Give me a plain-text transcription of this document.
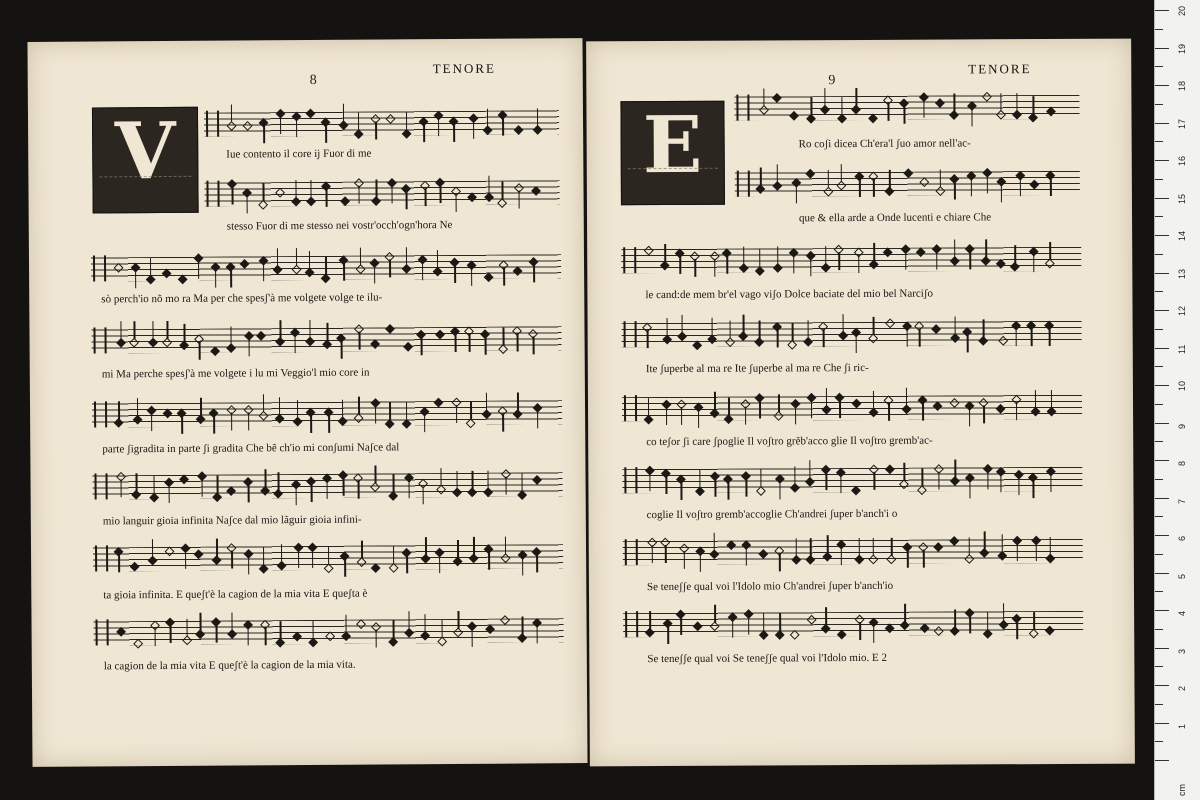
8
TENORE
V	Iue contento il core ij Fuor di me
stesso Fuor di me stesso nei vostr'occh'ogn'hora Ne
sò perch'io nõ mo ra Ma per che spesʃ'à me volgete volge te ilu-
mi Ma perche spesʃ'à me volgete i lu mi Veggio'l mio core in
parte ʃigradita in parte ʃi gradita Che bẽ ch'io mi conʃumi Naʃce dal
mio languir gioia infinita Naʃce dal mio lãguir gioia infini-
ta gioia infinita. E queʃt'è la cagion de la mia vita E queʃta è
la cagion de la mia vita E queʃt'è la cagion de la mia vita.
9
TENORE
E	Ro coʃi dicea Ch'era'l ʃuo amor nell'ac-
que & ella arde a Onde lucenti e chiare Che
le cand:de mem br'el vago viʃo Dolce baciate del mio bel Narciʃo
Ite ʃuperbe al ma re Ite ʃuperbe al ma re Che ʃi ric-
co teʃor ʃi care ʃpoglie Il voʃtro grẽb'acco glie Il voʃtro gremb'ac-
coglie Il voʃtro gremb'accoglie Ch'andrei ʃuper b'anch'i o
Se teneʃʃe qual voi l'Idolo mio Ch'andrei ʃuper b'anch'io
Se teneʃʃe qual voi Se teneʃʃe qual voi l'Idolo mio. E 2
cm
1
2
3
4
5
6
7
8
9
10
11
12
13
14
15
16
17
18
19
20
